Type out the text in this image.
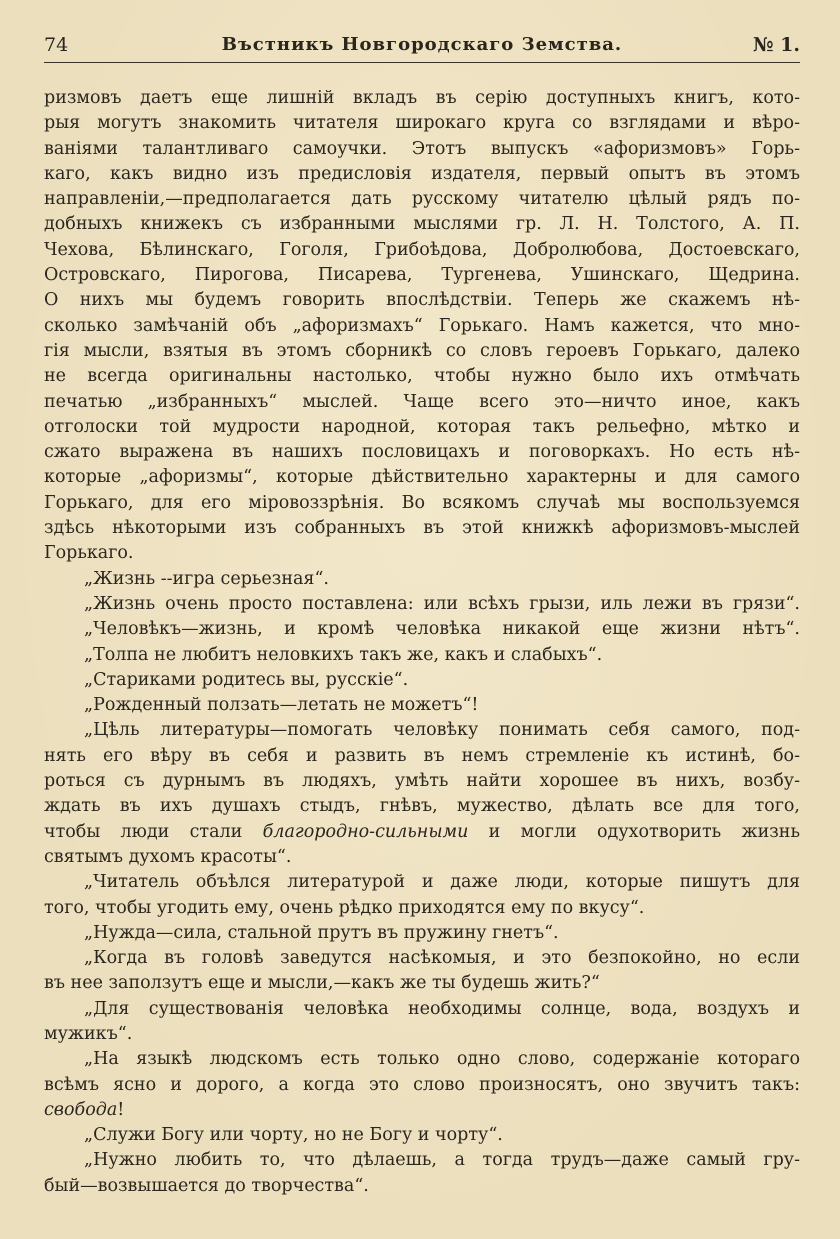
74	Въстникъ Новгородскаго Земства.	№ 1.
ризмовъ даетъ еще лишній вкладъ въ серію доступныхъ книгъ, кото-
рыя могутъ знакомить читателя широкаго круга со взглядами и вѣро-
ваніями талантливаго самоучки. Этотъ выпускъ «афоризмовъ» Горь-
каго, какъ видно изъ предисловія издателя, первый опытъ въ этомъ
направленіи,—предполагается дать русскому читателю цѣлый рядъ по-
добныхъ книжекъ съ избранными мыслями гр. Л. Н. Толстого, А. П.
Чехова, Бѣлинскаго, Гоголя, Грибоѣдова, Добролюбова, Достоевскаго,
Островскаго, Пирогова, Писарева, Тургенева, Ушинскаго, Щедрина.
О нихъ мы будемъ говорить впослѣдствіи. Теперь же скажемъ нѣ-
сколько замѣчаній объ „афоризмахъ“ Горькаго. Намъ кажется, что мно-
гія мысли, взятыя въ этомъ сборникѣ со словъ героевъ Горькаго, далеко
не всегда оригинальны настолько, чтобы нужно было ихъ отмѣчать
печатью „избранныхъ“ мыслей. Чаще всего это—ничто иное, какъ
отголоски той мудрости народной, которая такъ рельефно, мѣтко и
сжато выражена въ нашихъ пословицахъ и поговоркахъ. Но есть нѣ-
которые „афоризмы“, которые дѣйствительно характерны и для самого
Горькаго, для его міровоззрѣнія. Во всякомъ случаѣ мы воспользуемся
здѣсь нѣкоторыми изъ собранныхъ въ этой книжкѣ афоризмовъ-мыслей
Горькаго.
„Жизнь --игра серьезная“.
„Жизнь очень просто поставлена: или всѣхъ грызи, иль лежи въ грязи“.
„Человѣкъ—жизнь, и кромѣ человѣка никакой еще жизни нѣтъ“.
„Толпа не любитъ неловкихъ такъ же, какъ и слабыхъ“.
„Стариками родитесь вы, русскіе“.
„Рожденный ползать—летать не можетъ“!
„Цѣль литературы—помогать человѣку понимать себя самого, под-
нять его вѣру въ себя и развить въ немъ стремленіе къ истинѣ, бо-
роться съ дурнымъ въ людяхъ, умѣть найти хорошее въ нихъ, возбу-
ждать въ ихъ душахъ стыдъ, гнѣвъ, мужество, дѣлать все для того,
чтобы люди стали благородно-сильными и могли одухотворить жизнь
святымъ духомъ красоты“.
„Читатель объѣлся литературой и даже люди, которые пишутъ для
того, чтобы угодить ему, очень рѣдко приходятся ему по вкусу“.
„Нужда—сила, стальной прутъ въ пружину гнетъ“.
„Когда въ головѣ заведутся насѣкомыя, и это безпокойно, но если
въ нее заползутъ еще и мысли,—какъ же ты будешь жить?“
„Для существованія человѣка необходимы солнце, вода, воздухъ и
мужикъ“.
„На языкѣ людскомъ есть только одно слово, содержаніе котораго
всѣмъ ясно и дорого, а когда это слово произносятъ, оно звучитъ такъ:
свобода!
„Служи Богу или чорту, но не Богу и чорту“.
„Нужно любить то, что дѣлаешь, а тогда трудъ—даже самый гру-
бый—возвышается до творчества“.
